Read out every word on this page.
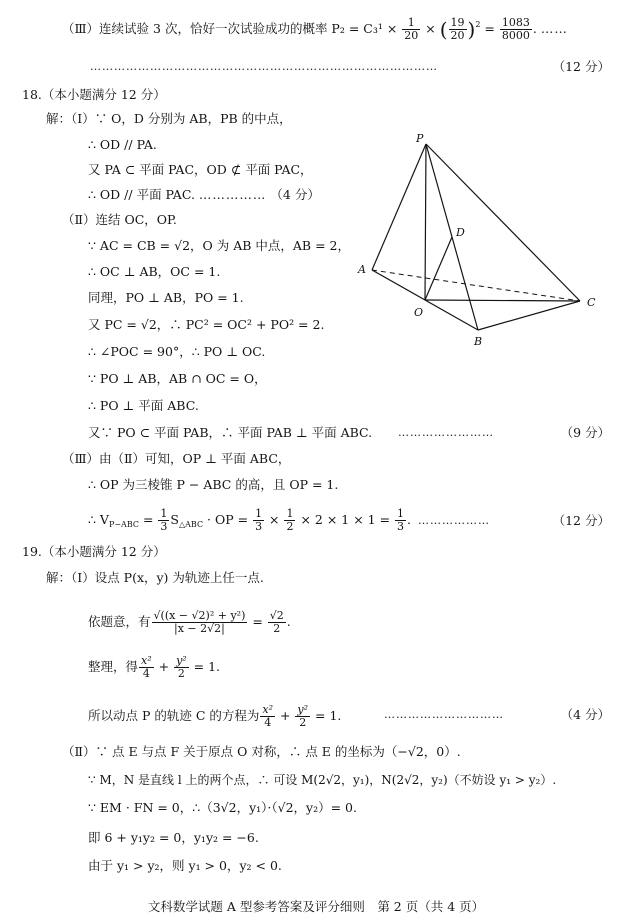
（Ⅲ）连续试验 3 次，恰好一次试验成功的概率 $P_2 = C_3^1 \times \frac{1}{20}$ × ( $\frac{19}{20} )^2 = \frac{1083}{8000}$ . ……
……………………………………………………………………………	（12 分）
18.（本小题满分 12 分）
解：（Ⅰ）∵ O，D 分别为 AB，PB 的中点，
∴ OD // PA.
又 PA ⊂ 平面 PAC，OD ⊄ 平面 PAC，
∴ OD // 平面 PAC. …………… （4 分）
（Ⅱ）连结 OC，OP.
∵ AC = CB = √2，O 为 AB 中点，AB = 2，
∴ OC ⊥ AB，OC = 1.
同理，PO ⊥ AB，PO = 1.
又 PC = √2，∴ PC² = OC² + PO² = 2.
∴ ∠POC = 90°，∴ PO ⊥ OC.
∵ PO ⊥ AB，AB ∩ OC = O，
∴ PO ⊥ 平面 ABC.
又∵ PO ⊂ 平面 PAB，∴ 平面 PAB ⊥ 平面 ABC. ……………………	（9 分）
（Ⅲ）由（Ⅱ）可知，OP ⊥ 平面 ABC，
∴ OP 为三棱锥 P − ABC 的高，且 OP = 1.
∴ $V_{P-ABC} = \frac{1}{3} S_{\triangle ABC}$ · OP = $\frac{1}{3} \times \frac{1}{2} \times 2 \times 1 \times 1 = \frac{1}{3}$ . ………………	（12 分）
19.（本小题满分 12 分）
解：（Ⅰ）设点 P(x，y) 为轨迹上任一点.
依题意，有 $\frac{\text{√((x − √2)² + y²)}}{|x - 2√2|} = \frac{√2}{2}$ .
整理，得 $\frac{\text{x²}}{4} + \frac{\text{y²}}{2} = 1$.
所以动点 P 的轨迹 C 的方程为 $\frac{\text{x²}}{4} + \frac{\text{y²}}{2} = 1$.	…………………………	（4 分）
（Ⅱ）∵ 点 E 与点 F 关于原点 O 对称，∴ 点 E 的坐标为（−√2，0）.
∵ M，N 是直线 l 上的两个点，∴ 可设 M(2√2，y₁)，N(2√2，y₂)（不妨设 y₁ > y₂）.
∵ EM · FN = 0，∴（3√2，y₁）·（√2，y₂）= 0.
即 6 + y₁y₂ = 0，y₁y₂ = −6.
由于 y₁ > y₂，则 y₁ > 0，y₂ < 0.
文科数学试题 A 型参考答案及评分细则　第 2 页（共 4 页）
P
D
A
O
C
B
